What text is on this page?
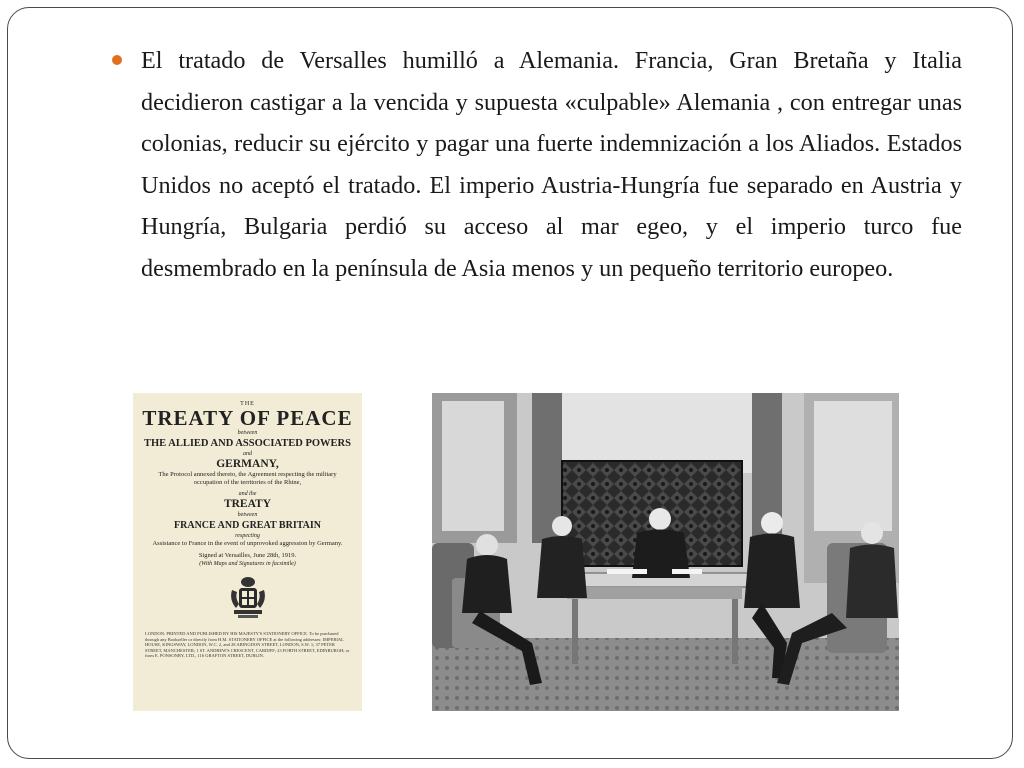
El tratado de Versalles humilló a Alemania. Francia, Gran Bretaña y Italia decidieron castigar a la vencida y supuesta «culpable» Alemania , con entregar unas colonias, reducir su ejército y pagar una fuerte indemnización a los Aliados. Estados Unidos no aceptó el tratado. El imperio Austria-Hungría fue separado en Austria y Hungría, Bulgaria perdió su acceso al mar egeo, y el imperio turco fue desmembrado en la península de Asia menos y un pequeño territorio europeo.

THE
TREATY OF PEACE
between
THE ALLIED AND ASSOCIATED POWERS
and
GERMANY,
The Protocol annexed thereto, the Agreement respecting the military occupation of the territories of the Rhine,
and the
TREATY
between
FRANCE AND GREAT BRITAIN
respecting
Assistance to France in the event of unprovoked aggression by Germany.
Signed at Versailles, June 28th, 1919.
(With Maps and Signatures in facsimile)
LONDON: PRINTED AND PUBLISHED BY HIS MAJESTY'S STATIONERY OFFICE. To be purchased through any Bookseller or directly from H.M. STATIONERY OFFICE at the following addresses: IMPERIAL HOUSE, KINGSWAY, LONDON, W.C. 2, and 28 ABINGDON STREET, LONDON, S.W. 1; 37 PETER STREET, MANCHESTER; 1 ST. ANDREW'S CRESCENT, CARDIFF; 23 FORTH STREET, EDINBURGH; or from E. PONSONBY, LTD., 116 GRAFTON STREET, DUBLIN.
